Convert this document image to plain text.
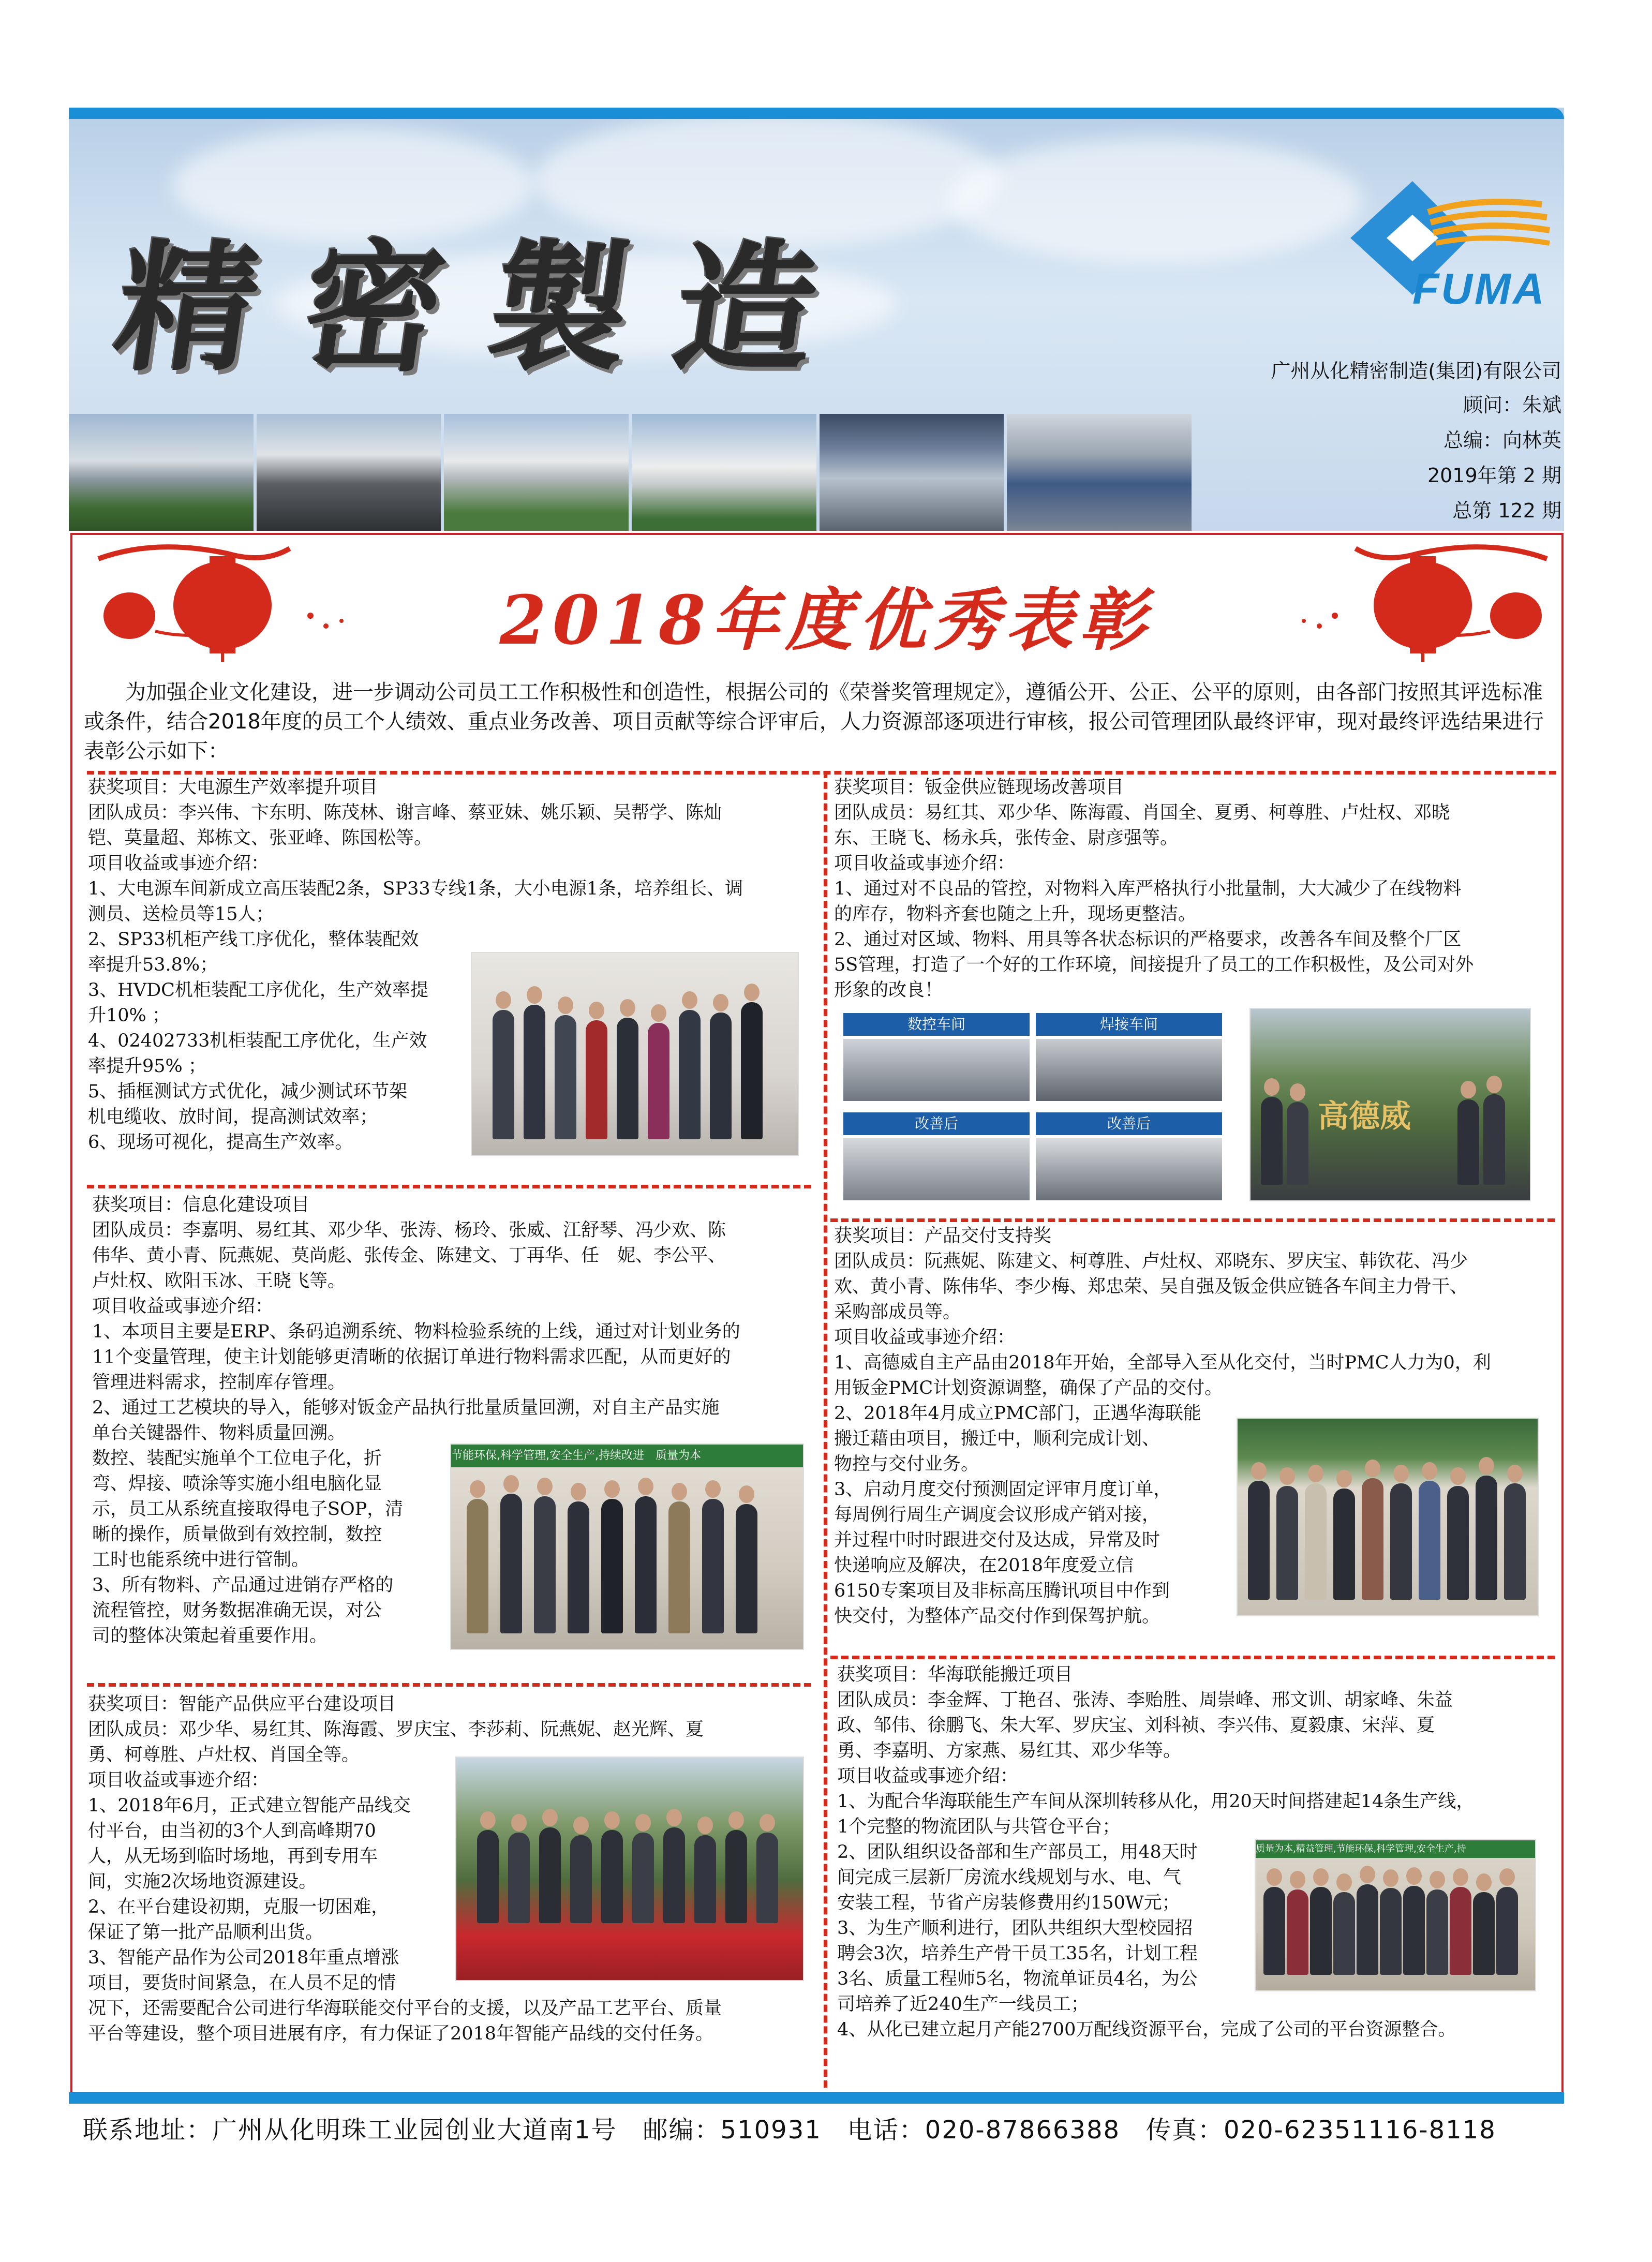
精密製造	FUMA
广州从化精密制造(集团)有限公司
顾问：朱斌
总编：向林英
2019年第 2 期
总第 122 期
2018年度优秀表彰
为加强企业文化建设，进一步调动公司员工工作积极性和创造性，根据公司的《荣誉奖管理规定》，遵循公开、公正、公平的原则，由各部门按照其评选标准或条件，结合2018年度的员工个人绩效、重点业务改善、项目贡献等综合评审后，人力资源部逐项进行审核，报公司管理团队最终评审，现对最终评选结果进行表彰公示如下：

获奖项目：大电源生产效率提升项目

团队成员：李兴伟、卞东明、陈茂林、谢言峰、蔡亚妹、姚乐颖、吴帮学、陈灿

铠、莫量超、郑栋文、张亚峰、陈国松等。

项目收益或事迹介绍：

1、大电源车间新成立高压装配2条，SP33专线1条，大小电源1条，培养组长、调

测员、送检员等15人；

2、SP33机柜产线工序优化，整体装配效

率提升53.8%；

3、HVDC机柜装配工序优化，生产效率提

升10% ；

4、02402733机柜装配工序优化，生产效

率提升95% ；

5、插框测试方式优化，减少测试环节架

机电缆收、放时间，提高测试效率；

6、现场可视化，提高生产效率。

获奖项目：钣金供应链现场改善项目

团队成员：易红其、邓少华、陈海霞、肖国全、夏勇、柯尊胜、卢灶权、邓晓

东、王晓飞、杨永兵，张传金、尉彦强等。

项目收益或事迹介绍：

1、通过对不良品的管控，对物料入库严格执行小批量制，大大减少了在线物料

的库存，物料齐套也随之上升，现场更整洁。

2、通过对区域、物料、用具等各状态标识的严格要求，改善各车间及整个厂区

5S管理，打造了一个好的工作环境，间接提升了员工的工作积极性，及公司对外

形象的改良！

数控车间	焊接车间
改善后	改善后	高德威

获奖项目：信息化建设项目

团队成员：李嘉明、易红其、邓少华、张涛、杨玲、张威、江舒琴、冯少欢、陈

伟华、黄小青、阮燕妮、莫尚彪、张传金、陈建文、丁再华、任　妮、李公平、

卢灶权、欧阳玉冰、王晓飞等。

项目收益或事迹介绍：

1、本项目主要是ERP、条码追溯系统、物料检验系统的上线，通过对计划业务的

11个变量管理，使主计划能够更清晰的依据订单进行物料需求匹配，从而更好的

管理进料需求，控制库存管理。

2、通过工艺模块的导入，能够对钣金产品执行批量质量回溯，对自主产品实施

单台关键器件、物料质量回溯。

数控、装配实施单个工位电子化，折

弯、焊接、喷涂等实施小组电脑化显

示，员工从系统直接取得电子SOP，清

晰的操作，质量做到有效控制，数控

工时也能系统中进行管制。

3、所有物料、产品通过进销存严格的

流程管控，财务数据准确无误，对公

司的整体决策起着重要作用。

节能环保,科学管理,安全生产,持续改进　质量为本

获奖项目：产品交付支持奖

团队成员：阮燕妮、陈建文、柯尊胜、卢灶权、邓晓东、罗庆宝、韩钦花、冯少

欢、黄小青、陈伟华、李少梅、郑忠荣、吴自强及钣金供应链各车间主力骨干、

采购部成员等。

项目收益或事迹介绍：

1、高德威自主产品由2018年开始，全部导入至从化交付，当时PMC人力为0，利

用钣金PMC计划资源调整，确保了产品的交付。

2、2018年4月成立PMC部门，正遇华海联能

搬迁藉由项目，搬迁中，顺利完成计划、

物控与交付业务。

3、启动月度交付预测固定评审月度订单，

每周例行周生产调度会议形成产销对接，

并过程中时时跟进交付及达成，异常及时

快递响应及解决，在2018年度爱立信

6150专案项目及非标高压腾讯项目中作到

快交付，为整体产品交付作到保驾护航。

获奖项目：智能产品供应平台建设项目

团队成员：邓少华、易红其、陈海霞、罗庆宝、李莎莉、阮燕妮、赵光辉、夏

勇、柯尊胜、卢灶权、肖国全等。

项目收益或事迹介绍：

1、2018年6月，正式建立智能产品线交

付平台，由当初的3个人到高峰期70

人，从无场到临时场地，再到专用车

间，实施2次场地资源建设。

2、在平台建设初期，克服一切困难，

保证了第一批产品顺利出货。

3、智能产品作为公司2018年重点增涨

项目，要货时间紧急，在人员不足的情

况下，还需要配合公司进行华海联能交付平台的支援，以及产品工艺平台、质量

平台等建设，整个项目进展有序，有力保证了2018年智能产品线的交付任务。

获奖项目：华海联能搬迁项目

团队成员：李金辉、丁艳召、张涛、李贻胜、周崇峰、邢文训、胡家峰、朱益

政、邹伟、徐鹏飞、朱大军、罗庆宝、刘科祯、李兴伟、夏毅康、宋萍、夏

勇、李嘉明、方家燕、易红其、邓少华等。

项目收益或事迹介绍：

1、为配合华海联能生产车间从深圳转移从化，用20天时间搭建起14条生产线，

1个完整的物流团队与共管仓平台；

2、团队组织设备部和生产部员工，用48天时

间完成三层新厂房流水线规划与水、电、气

安装工程，节省产房装修费用约150W元；

3、为生产顺利进行，团队共组织大型校园招

聘会3次，培养生产骨干员工35名，计划工程

3名、质量工程师5名，物流单证员4名，为公

司培养了近240生产一线员工；

4、从化已建立起月产能2700万配线资源平台，完成了公司的平台资源整合。

质量为本,精益管理,节能环保,科学管理,安全生产,持
联系地址：广州从化明珠工业园创业大道南1号　邮编：510931　电话：020-87866388　传真：020-62351116-8118
